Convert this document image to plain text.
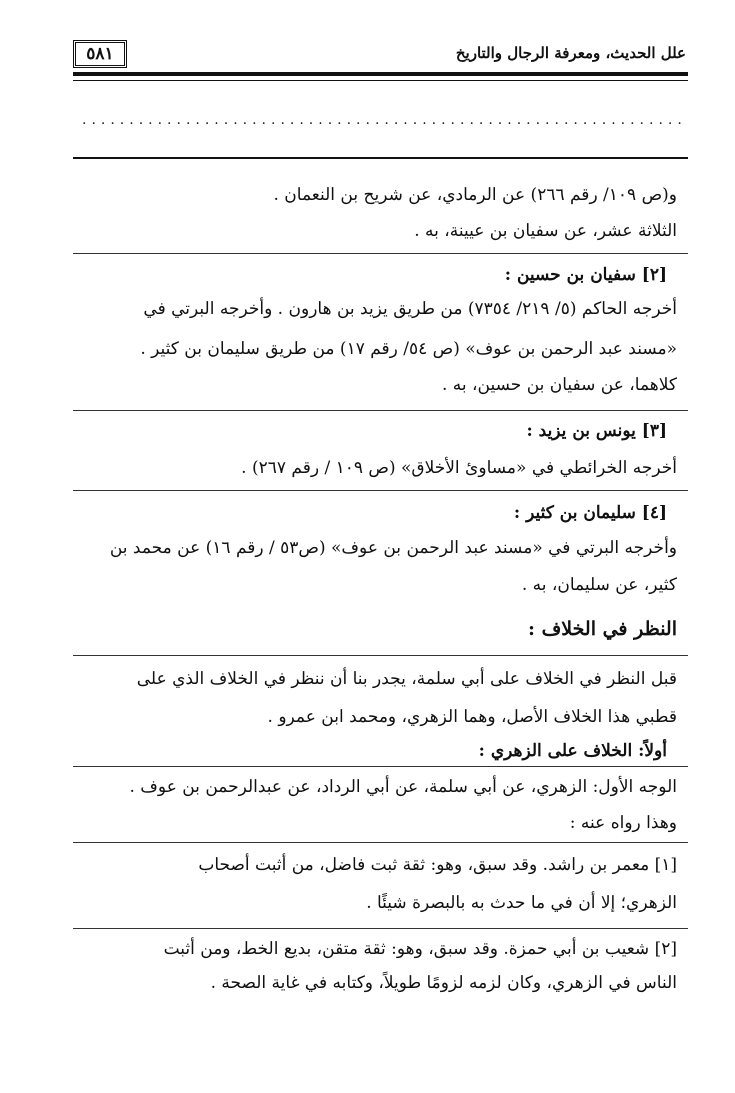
٥٨١	علل الحديث، ومعرفة الرجال والتاريخ
................................................................
و(ص ١٠٩/ رقم ٢٦٦) عن الرمادي، عن شريح بن النعمان .
الثلاثة عشر، عن سفيان بن عيينة، به .
[٢] سفيان بن حسين :
أخرجه الحاكم (٥/ ٢١٩/ ٧٣٥٤) من طريق يزيد بن هارون . وأخرجه البرتي في
«مسند عبد الرحمن بن عوف» (ص ٥٤/ رقم ١٧) من طريق سليمان بن كثير .
كلاهما، عن سفيان بن حسين، به .
[٣] يونس بن يزيد :
أخرجه الخرائطي في «مساوئ الأخلاق» (ص ١٠٩ / رقم ٢٦٧) .
[٤] سليمان بن كثير :
وأخرجه البرتي في «مسند عبد الرحمن بن عوف» (ص٥٣ / رقم ١٦) عن محمد بن
كثير، عن سليمان، به .
النظر في الخلاف :
قبل النظر في الخلاف على أبي سلمة، يجدر بنا أن ننظر في الخلاف الذي على
قطبي هذا الخلاف الأصل، وهما الزهري، ومحمد ابن عمرو .
أولاً: الخلاف على الزهري :
الوجه الأول: الزهري، عن أبي سلمة، عن أبي الرداد، عن عبدالرحمن بن عوف .
وهذا رواه عنه :
[١] معمر بن راشد. وقد سبق، وهو: ثقة ثبت فاضل، من أثبت أصحاب
الزهري؛ إلا أن في ما حدث به بالبصرة شيئًا .
[٢] شعيب بن أبي حمزة. وقد سبق، وهو: ثقة متقن، بديع الخط، ومن أثبت
الناس في الزهري، وكان لزمه لزومًا طويلاً، وكتابه في غاية الصحة .
